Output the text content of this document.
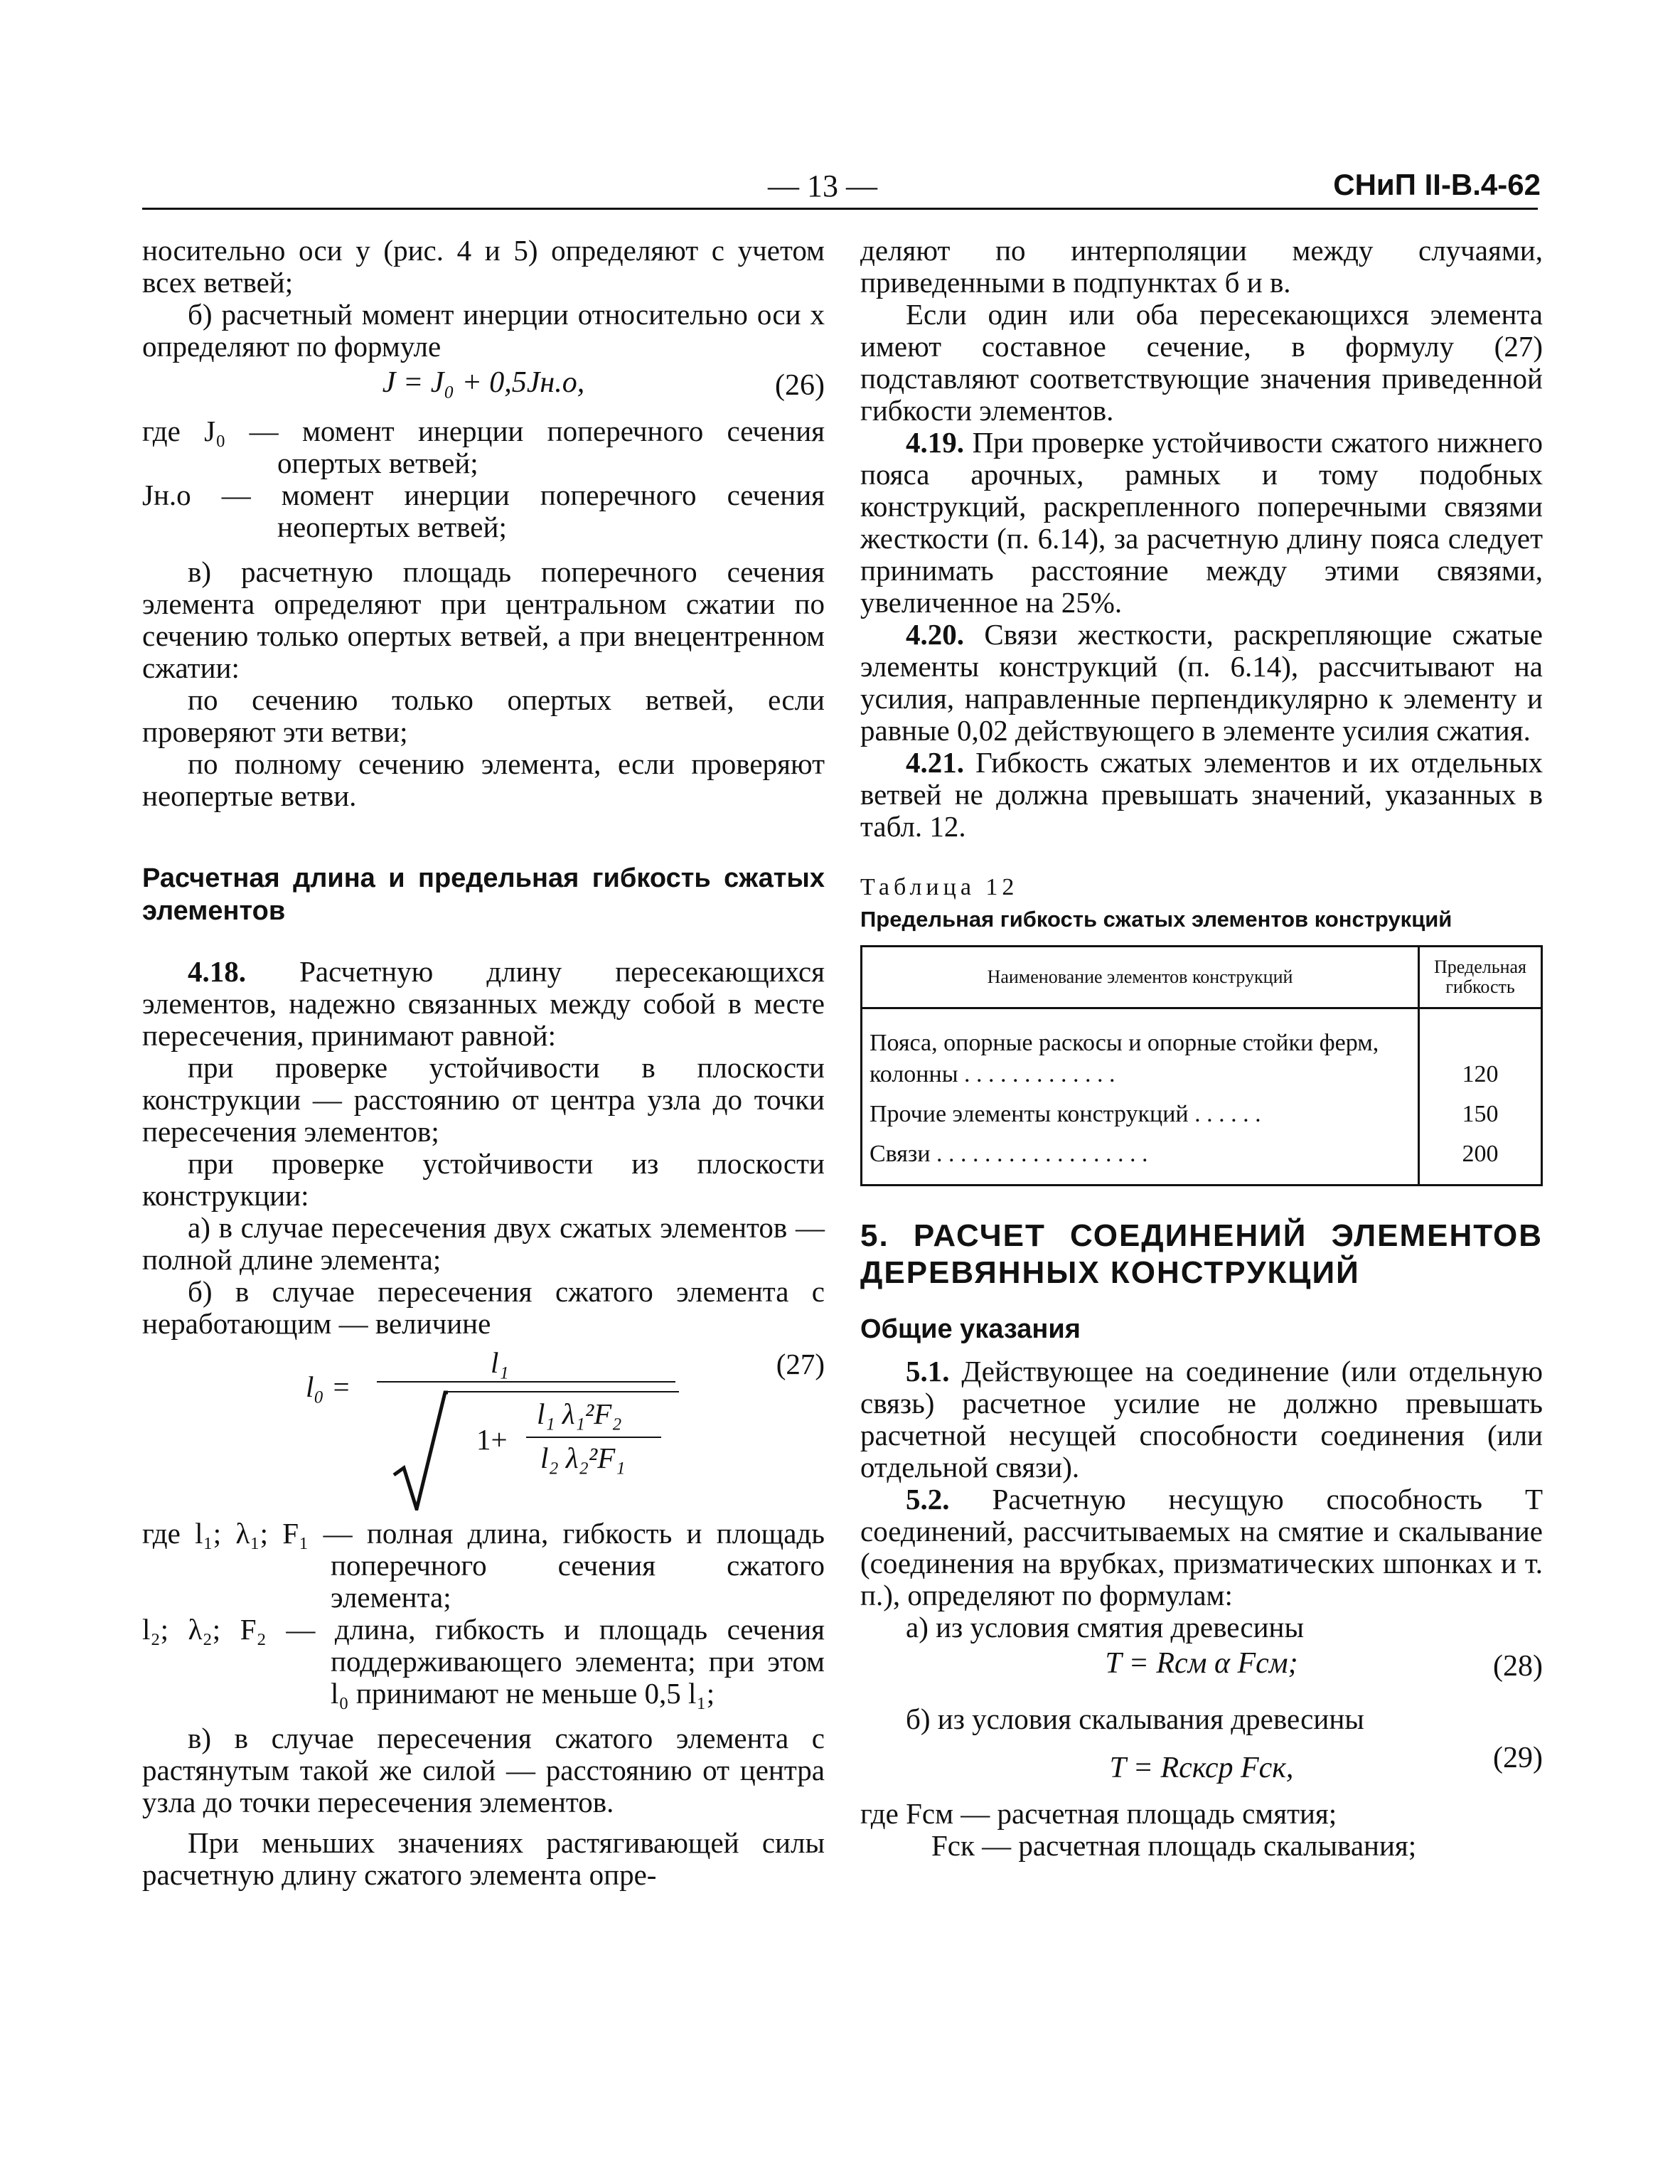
— 13 —	СНиП II-В.4-62

носительно оси y (рис. 4 и 5) определяют с учетом всех ветвей;

б) расчетный момент инерции относительно оси x определяют по формуле

J = J₀ + 0,5Jн.о,	(26)

где J₀ — момент инерции поперечного сечения опертых ветвей;

Jн.о — момент инерции поперечного сечения неопертых ветвей;

в) расчетную площадь поперечного сечения элемента определяют при центральном сжатии по сечению только опертых ветвей, а при внецентренном сжатии:

по сечению только опертых ветвей, если проверяют эти ветви;

по полному сечению элемента, если проверяют неопертые ветви.

Расчетная длина и предельная гибкость сжатых элементов

4.18. Расчетную длину пересекающихся элементов, надежно связанных между собой в месте пересечения, принимают равной:

при проверке устойчивости в плоскости конструкции — расстоянию от центра узла до точки пересечения элементов;

при проверке устойчивости из плоскости конструкции:

а) в случае пересечения двух сжатых элементов — полной длине элемента;

б) в случае пересечения сжатого элемента с неработающим — величине

l₀ =
l₁
1+
l₁ λ₁²F₂
l₂ λ₂²F₁
(27)

где l₁; λ₁; F₁ — полная длина, гибкость и площадь поперечного сечения сжатого элемента;

l₂; λ₂; F₂ — длина, гибкость и площадь сечения поддерживающего элемента; при этом l₀ принимают не меньше 0,5 l₁;

в) в случае пересечения сжатого элемента с растянутым такой же силой — расстоянию от центра узла до точки пересечения элементов.

При меньших значениях растягивающей силы расчетную длину сжатого элемента опре-

деляют по интерполяции между случаями, приведенными в подпунктах б и в.

Если один или оба пересекающихся элемента имеют составное сечение, в формулу (27) подставляют соответствующие значения приведенной гибкости элементов.

4.19. При проверке устойчивости сжатого нижнего пояса арочных, рамных и тому подобных конструкций, раскрепленного поперечными связями жесткости (п. 6.14), за расчетную длину пояса следует принимать расстояние между этими связями, увеличенное на 25%.

4.20. Связи жесткости, раскрепляющие сжатые элементы конструкций (п. 6.14), рассчитывают на усилия, направленные перпендикулярно к элементу и равные 0,02 действующего в элементе усилия сжатия.

4.21. Гибкость сжатых элементов и их отдельных ветвей не должна превышать значений, указанных в табл. 12.

Таблица 12

Предельная гибкость сжатых элементов конструкций

Наименование элементов конструкций	Предельная гибкость
Пояса, опорные раскосы и опорные стойки ферм, колонны . . . . . . . . . . . . .	120
Прочие элементы конструкций . . . . . .	150
Связи . . . . . . . . . . . . . . . . . .	200

5. РАСЧЕТ СОЕДИНЕНИЙ ЭЛЕМЕНТОВ ДЕРЕВЯННЫХ КОНСТРУКЦИЙ

Общие указания

5.1. Действующее на соединение (или отдельную связь) расчетное усилие не должно превышать расчетной несущей способности соединения (или отдельной связи).

5.2. Расчетную несущую способность T соединений, рассчитываемых на смятие и скалывание (соединения на врубках, призматических шпонках и т. п.), определяют по формулам:

а) из условия смятия древесины

T = Rсм α Fсм;	(28)

б) из условия скалывания древесины

T = Rскср Fск,	(29)

где Fсм — расчетная площадь смятия;

Fск — расчетная площадь скалывания;
